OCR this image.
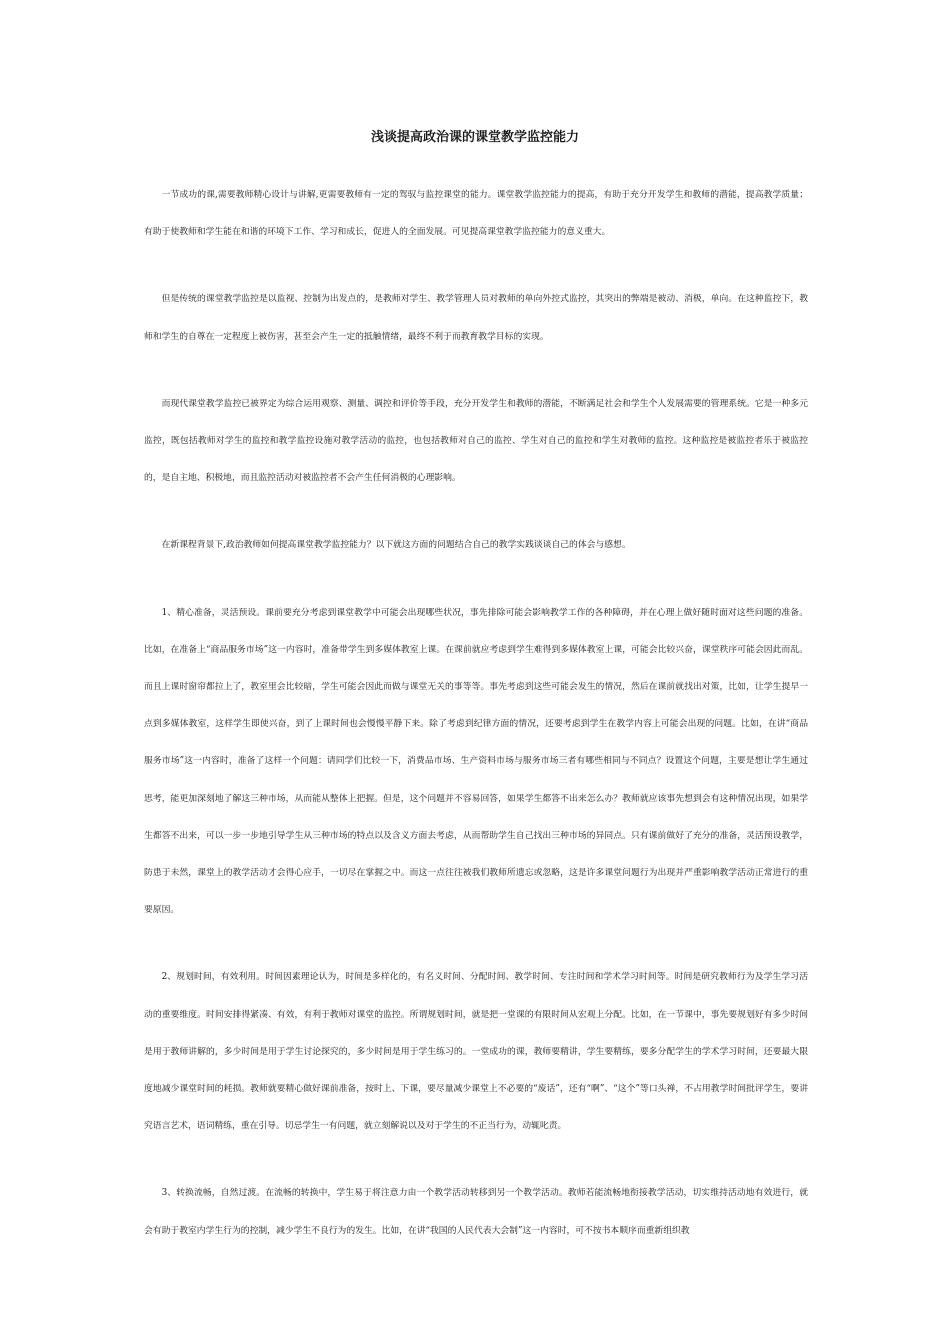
浅谈提高政治课的课堂教学监控能力

一节成功的课,需要教师精心设计与讲解,更需要教师有一定的驾驭与监控课堂的能力。课堂教学监控能力的提高，有助于充分开发学生和教师的潜能，提高教学质量；有助于使教师和学生能在和谐的环境下工作、学习和成长，促进人的全面发展。可见提高课堂教学监控能力的意义重大。

但是传统的课堂教学监控是以监视、控制为出发点的，是教师对学生、教学管理人员对教师的单向外控式监控，其突出的弊端是被动、消极，单向。在这种监控下，教师和学生的自尊在一定程度上被伤害，甚至会产生一定的抵触情绪，最终不利于而教育教学目标的实现。

而现代课堂教学监控已被界定为综合运用观察、测量、调控和评价等手段，充分开发学生和教师的潜能，不断满足社会和学生个人发展需要的管理系统。它是一种多元监控，既包括教师对学生的监控和教学监控设施对教学活动的监控，也包括教师对自己的监控、学生对自己的监控和学生对教师的监控。这种监控是被监控者乐于被监控的，是自主地、积极地，而且监控活动对被监控者不会产生任何消极的心理影响。

在新课程背景下,政治教师如何提高课堂教学监控能力？以下就这方面的问题结合自己的教学实践谈谈自己的体会与感想。

1、精心准备，灵活预设。课前要充分考虑到课堂教学中可能会出现哪些状况，事先排除可能会影响教学工作的各种障碍，并在心理上做好随时面对这些问题的准备。比如，在准备上“商品服务市场”这一内容时，准备带学生到多媒体教室上课。在课前就应考虑到学生难得到多媒体教室上课，可能会比较兴奋，课堂秩序可能会因此而乱。而且上课时窗帘都拉上了，教室里会比较暗，学生可能会因此而做与课堂无关的事等等。事先考虑到这些可能会发生的情况，然后在课前就找出对策，比如，让学生提早一点到多媒体教室，这样学生即使兴奋，到了上课时间也会慢慢平静下来。除了考虑到纪律方面的情况，还要考虑到学生在教学内容上可能会出现的问题。比如，在讲“商品服务市场”这一内容时，准备了这样一个问题：请同学们比较一下，消费品市场、生产资料市场与服务市场三者有哪些相同与不同点？设置这个问题，主要是想让学生通过思考，能更加深刻地了解这三种市场，从而能从整体上把握。但是，这个问题并不容易回答，如果学生都答不出来怎么办？教师就应该事先想到会有这种情况出现，如果学生都答不出来，可以一步一步地引导学生从三种市场的特点以及含义方面去考虑，从而帮助学生自己找出三种市场的异同点。只有课前做好了充分的准备，灵活预设教学，防患于未然，课堂上的教学活动才会得心应手，一切尽在掌握之中。而这一点往往被我们教师所遗忘或忽略，这是许多课堂问题行为出现并严重影响教学活动正常进行的重要原因。

2、规划时间，有效利用。时间因素理论认为，时间是多样化的，有名义时间、分配时间、教学时间、专注时间和学术学习时间等。时间是研究教师行为及学生学习活动的重要维度。时间安排得紧凑、有效，有利于教师对课堂的监控。所谓规划时间，就是把一堂课的有限时间从宏观上分配。比如，在一节课中，事先要规划好有多少时间是用于教师讲解的，多少时间是用于学生讨论探究的，多少时间是用于学生练习的。一堂成功的课，教师要精讲，学生要精练，要多分配学生的学术学习时间，还要最大限度地减少课堂时间的耗损。教师就要精心做好课前准备，按时上、下课，要尽量减少课堂上不必要的“废话”，还有“啊”、“这个”等口头禅，不占用教学时间批评学生，要讲究语言艺术，语词精练，重在引导。切忌学生一有问题，就立刻解说以及对于学生的不正当行为，动辄叱责。

3、转换流畅，自然过渡。在流畅的转换中，学生易于将注意力由一个教学活动转移到另一个教学活动。教师若能流畅地衔接教学活动，切实维持活动地有效进行，就会有助于教室内学生行为的控制，减少学生不良行为的发生。比如，在讲“我国的人民代表大会制”这一内容时，可不按书本顺序而重新组织教
